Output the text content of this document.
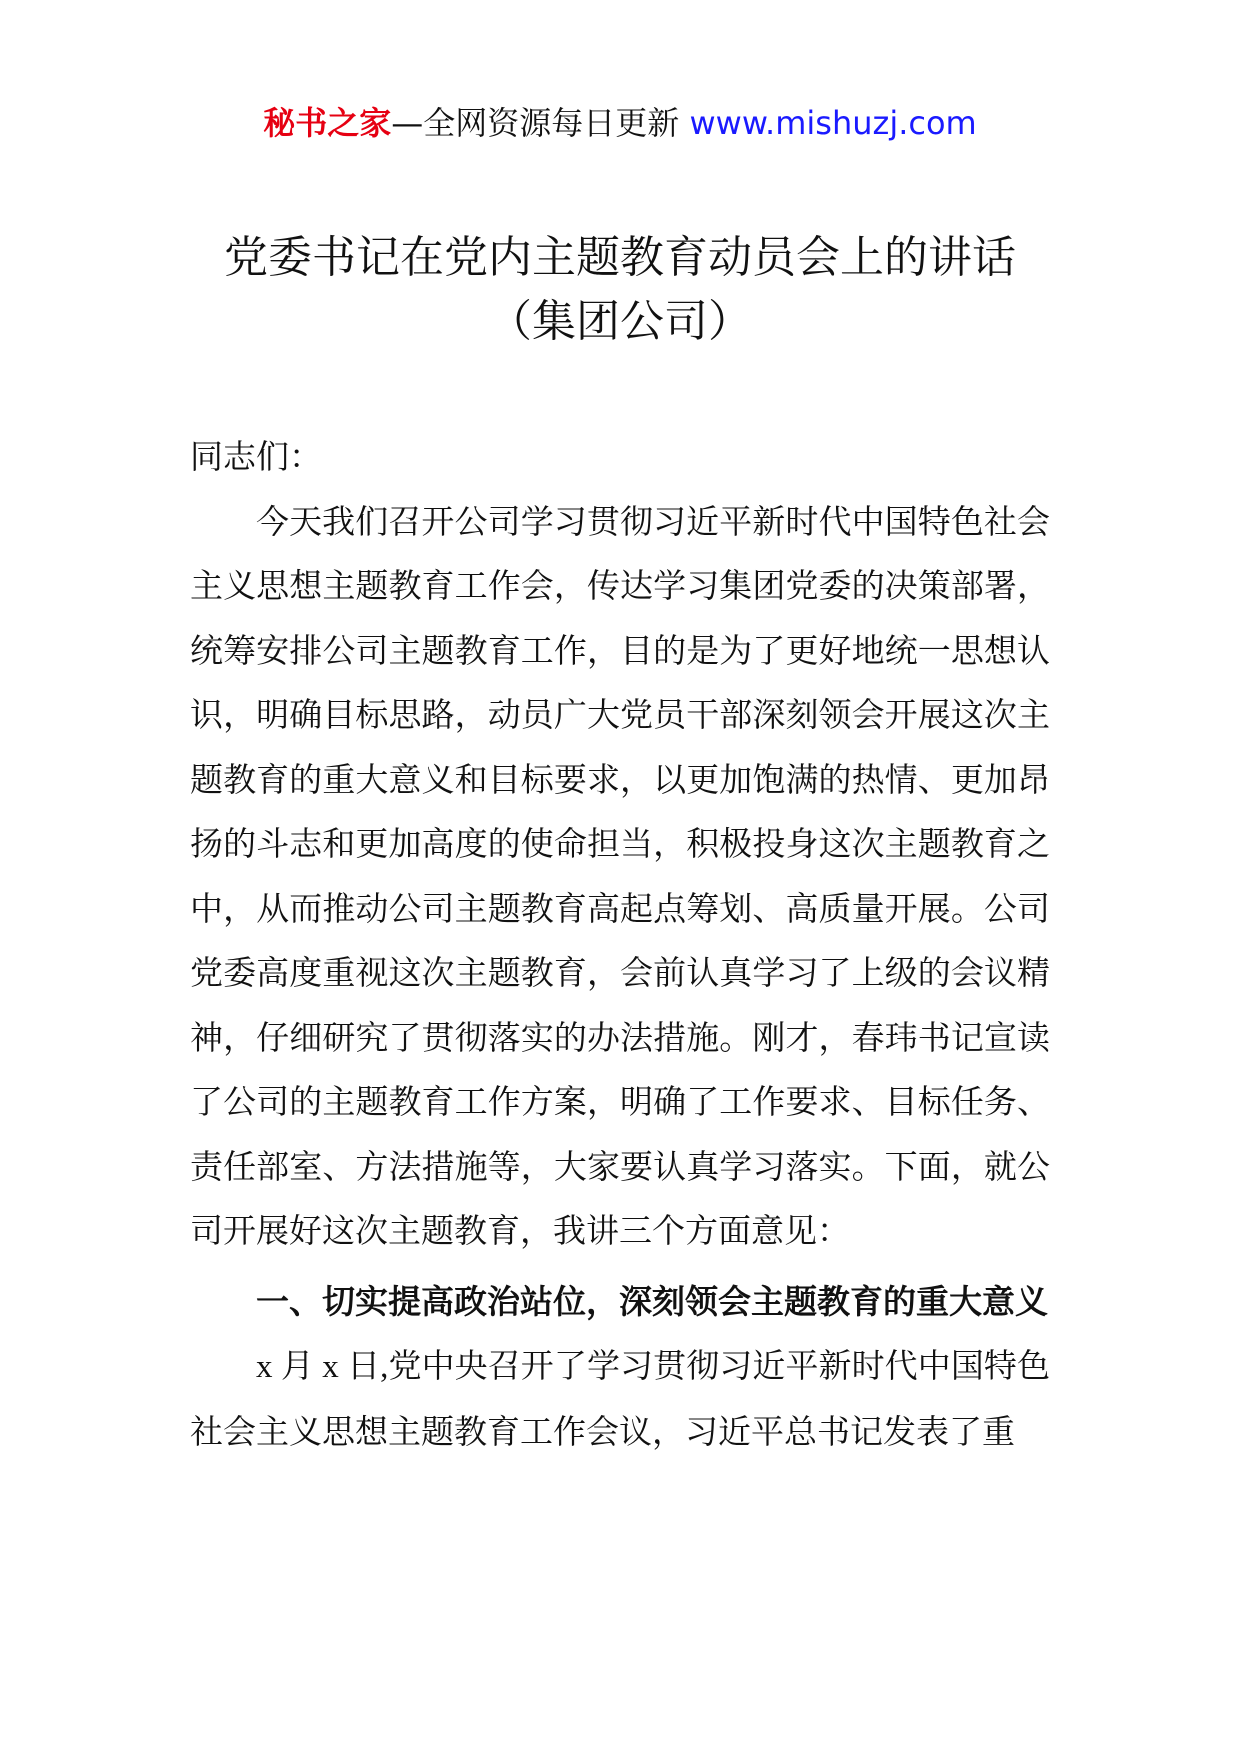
秘书之家—全网资源每日更新 www.mishuzj.com
党委书记在党内主题教育动员会上的讲话
（集团公司）

同志们：

今天我们召开公司学习贯彻习近平新时代中国特色社会主义思想主题教育工作会，传达学习集团党委的决策部署，统筹安排公司主题教育工作，目的是为了更好地统一思想认识，明确目标思路，动员广大党员干部深刻领会开展这次主题教育的重大意义和目标要求，以更加饱满的热情、更加昂扬的斗志和更加高度的使命担当，积极投身这次主题教育之中，从而推动公司主题教育高起点筹划、高质量开展。公司党委高度重视这次主题教育，会前认真学习了上级的会议精神，仔细研究了贯彻落实的办法措施。刚才，春玮书记宣读了公司的主题教育工作方案，明确了工作要求、目标任务、责任部室、方法措施等，大家要认真学习落实。下面，就公司开展好这次主题教育，我讲三个方面意见：

一、切实提高政治站位，深刻领会主题教育的重大意义

x 月 x 日,党中央召开了学习贯彻习近平新时代中国特色社会主义思想主题教育工作会议，习近平总书记发表了重
